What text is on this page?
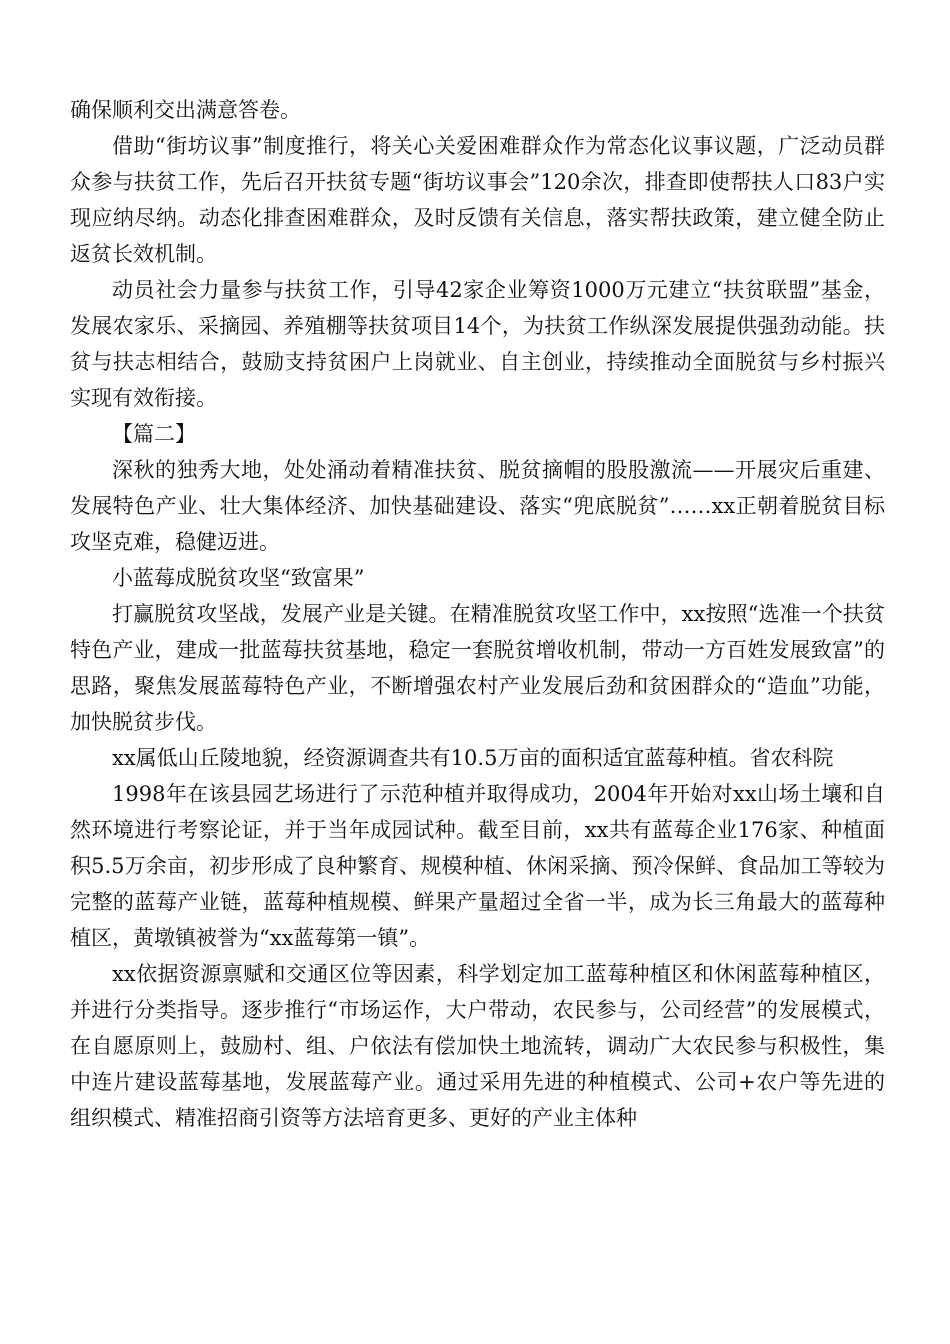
确保顺利交出满意答卷。

借助“街坊议事”制度推行，将关心关爱困难群众作为常态化议事议题，广泛动员群众参与扶贫工作，先后召开扶贫专题“街坊议事会”120余次，排查即使帮扶人口83户实现应纳尽纳。动态化排查困难群众，及时反馈有关信息，落实帮扶政策，建立健全防止返贫长效机制。

动员社会力量参与扶贫工作，引导42家企业筹资1000万元建立“扶贫联盟”基金，发展农家乐、采摘园、养殖棚等扶贫项目14个，为扶贫工作纵深发展提供强劲动能。扶贫与扶志相结合，鼓励支持贫困户上岗就业、自主创业，持续推动全面脱贫与乡村振兴实现有效衔接。

【篇二】

深秋的独秀大地，处处涌动着精准扶贫、脱贫摘帽的股股激流——开展灾后重建、发展特色产业、壮大集体经济、加快基础建设、落实“兜底脱贫”……xx正朝着脱贫目标攻坚克难，稳健迈进。

小蓝莓成脱贫攻坚“致富果”

打赢脱贫攻坚战，发展产业是关键。在精准脱贫攻坚工作中，xx按照“选准一个扶贫特色产业，建成一批蓝莓扶贫基地，稳定一套脱贫增收机制，带动一方百姓发展致富”的思路，聚焦发展蓝莓特色产业，不断增强农村产业发展后劲和贫困群众的“造血”功能，加快脱贫步伐。

xx属低山丘陵地貌，经资源调查共有10.5万亩的面积适宜蓝莓种植。省农科院

1998年在该县园艺场进行了示范种植并取得成功，2004年开始对xx山场土壤和自然环境进行考察论证，并于当年成园试种。截至目前，xx共有蓝莓企业176家、种植面积5.5万余亩，初步形成了良种繁育、规模种植、休闲采摘、预冷保鲜、食品加工等较为完整的蓝莓产业链，蓝莓种植规模、鲜果产量超过全省一半，成为长三角最大的蓝莓种植区，黄墩镇被誉为“xx蓝莓第一镇”。

xx依据资源禀赋和交通区位等因素，科学划定加工蓝莓种植区和休闲蓝莓种植区，并进行分类指导。逐步推行“市场运作，大户带动，农民参与，公司经营”的发展模式，在自愿原则上，鼓励村、组、户依法有偿加快土地流转，调动广大农民参与积极性，集中连片建设蓝莓基地，发展蓝莓产业。通过采用先进的种植模式、公司+农户等先进的组织模式、精准招商引资等方法培育更多、更好的产业主体种
